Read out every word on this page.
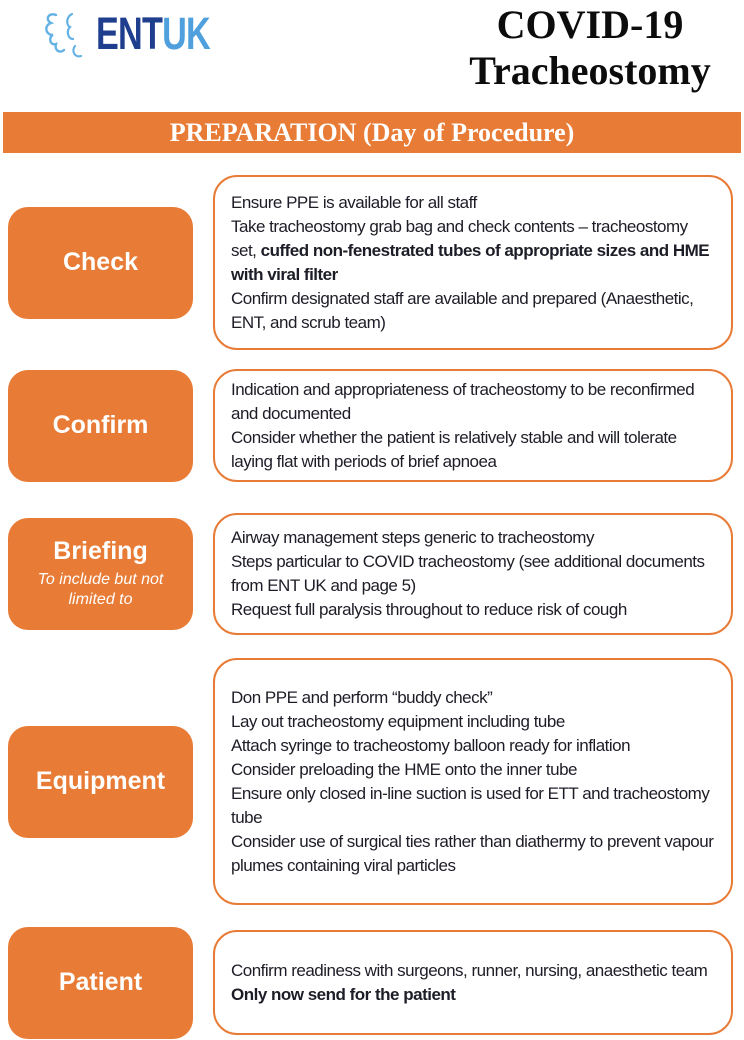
ENTUK	COVID-19
Tracheostomy
PREPARATION (Day of Procedure)
Check

Ensure PPE is available for all staff

Take tracheostomy grab bag and check contents – tracheostomy set, cuffed non-fenestrated tubes of appropriate sizes and HME with viral filter

Confirm designated staff are available and prepared (Anaesthetic, ENT, and scrub team)

Confirm

Indication and appropriateness of tracheostomy to be reconfirmed and documented

Consider whether the patient is relatively stable and will tolerate laying flat with periods of brief apnoea

Briefing
To include but not limited to

Airway management steps generic to tracheostomy

Steps particular to COVID tracheostomy (see additional documents from ENT UK and page 5)

Request full paralysis throughout to reduce risk of cough

Equipment

Don PPE and perform “buddy check”

Lay out tracheostomy equipment including tube

Attach syringe to tracheostomy balloon ready for inflation

Consider preloading the HME onto the inner tube

Ensure only closed in-line suction is used for ETT and tracheostomy tube

Consider use of surgical ties rather than diathermy to prevent vapour plumes containing viral particles

Patient	Confirm readiness with surgeons, runner, nursing, anaesthetic team

Only now send for the patient
